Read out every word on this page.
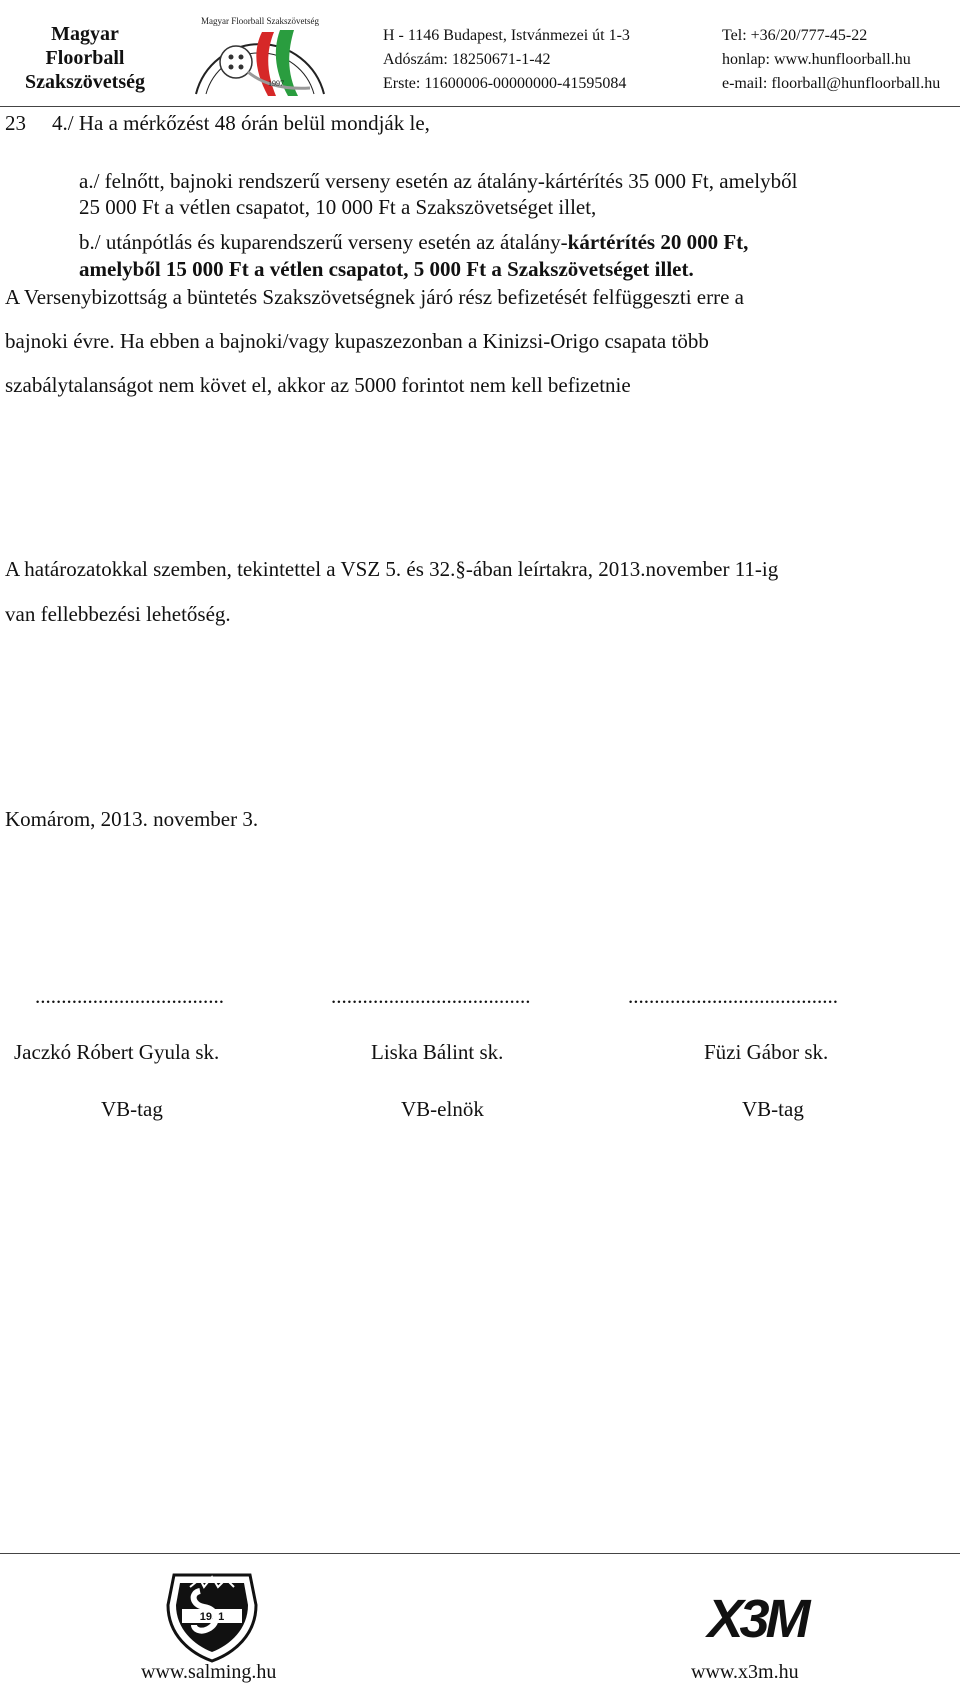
Magyar
Floorball
Szakszövetség
Magyar Floorball Szakszövetség
1997
H - 1146 Budapest, Istvánmezei út 1-3
Adószám: 18250671-1-42
Erste: 11600006-00000000-41595084
Tel: +36/20/777-45-22
honlap: www.hunfloorball.hu
e-mail: floorball@hunfloorball.hu
23 4./ Ha a mérkőzést 48 órán belül mondják le,
a./ felnőtt, bajnoki rendszerű verseny esetén az átalány-kártérítés 35 000 Ft, amelyből
25 000 Ft a vétlen csapatot, 10 000 Ft a Szakszövetséget illet,
b./ utánpótlás és kuparendszerű verseny esetén az átalány-kártérítés 20 000 Ft,
amelyből 15 000 Ft a vétlen csapatot, 5 000 Ft a Szakszövetséget illet.
A Versenybizottság a büntetés Szakszövetségnek járó rész befizetését felfüggeszti erre a
bajnoki évre. Ha ebben a bajnoki/vagy kupaszezonban a Kinizsi-Origo csapata több
szabálytalanságot nem követ el, akkor az 5000 forintot nem kell befizetnie
A határozatokkal szemben, tekintettel a VSZ 5. és 32.§-ában leírtakra, 2013.november 11-ig
van fellebbezési lehetőség.
Komárom, 2013. november 3.
....................................	......................................	........................................
Jaczkó Róbert Gyula sk.	Liska Bálint sk.	Füzi Gábor sk.
VB-tag	VB-elnök	VB-tag
1991
www.salming.hu
X3M
www.x3m.hu
